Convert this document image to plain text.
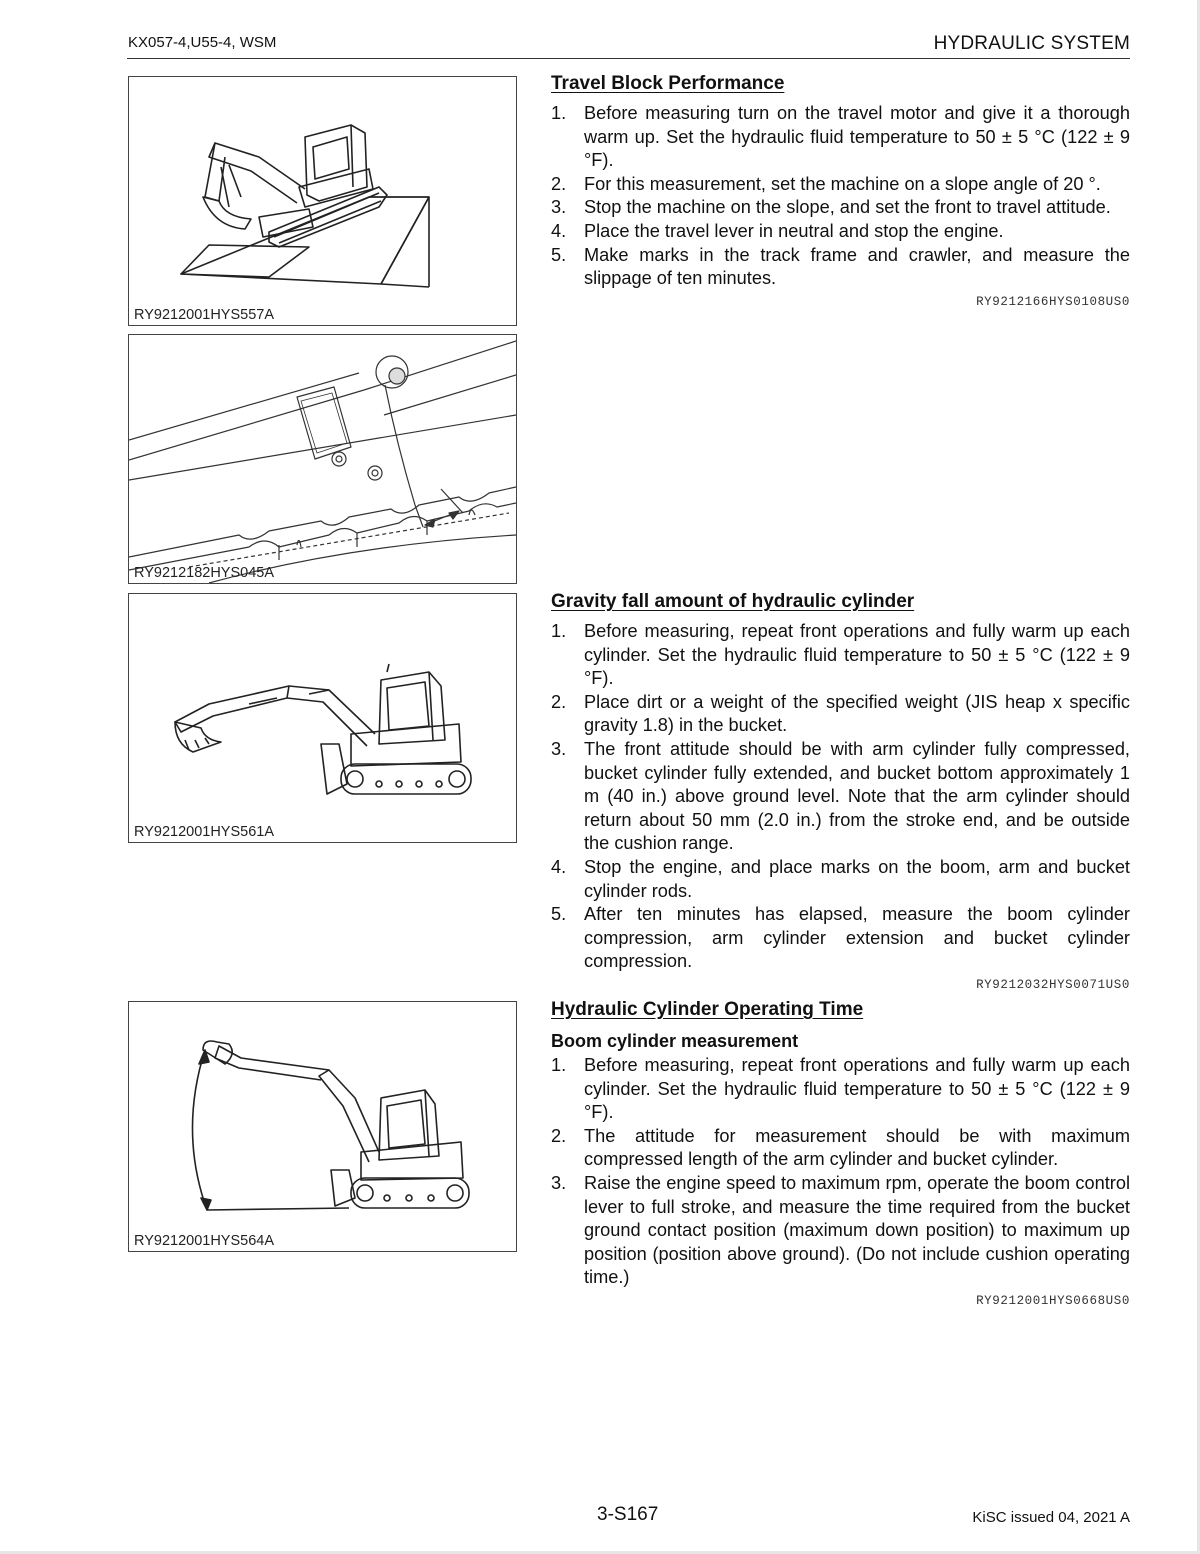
KX057-4,U55-4, WSM	HYDRAULIC SYSTEM
RY9212001HYS557A
RY9212182HYS045A
RY9212001HYS561A
RY9212001HYS564A
Travel Block Performance
1. Before measuring turn on the travel motor and give it a thorough warm up. Set the hydraulic fluid temperature to 50 ± 5 °C (122 ± 9 °F).
2. For this measurement, set the machine on a slope angle of 20 °.
3. Stop the machine on the slope, and set the front to travel attitude.
4. Place the travel lever in neutral and stop the engine.
5. Make marks in the track frame and crawler, and measure the slippage of ten minutes.
RY9212166HYS0108US0
Gravity fall amount of hydraulic cylinder
1. Before measuring, repeat front operations and fully warm up each cylinder. Set the hydraulic fluid temperature to 50 ± 5 °C (122 ± 9 °F).
2. Place dirt or a weight of the specified weight (JIS heap x specific gravity 1.8) in the bucket.
3. The front attitude should be with arm cylinder fully compressed, bucket cylinder fully extended, and bucket bottom approximately 1 m (40 in.) above ground level. Note that the arm cylinder should return about 50 mm (2.0 in.) from the stroke end, and be outside the cushion range.
4. Stop the engine, and place marks on the boom, arm and bucket cylinder rods.
5. After ten minutes has elapsed, measure the boom cylinder compression, arm cylinder extension and bucket cylinder compression.
RY9212032HYS0071US0
Hydraulic Cylinder Operating Time
Boom cylinder measurement
1. Before measuring, repeat front operations and fully warm up each cylinder. Set the hydraulic fluid temperature to 50 ± 5 °C (122 ± 9 °F).
2. The attitude for measurement should be with maximum compressed length of the arm cylinder and bucket cylinder.
3. Raise the engine speed to maximum rpm, operate the boom control lever to full stroke, and measure the time required from the bucket ground contact position (maximum down position) to maximum up position (position above ground). (Do not include cushion operating time.)
RY9212001HYS0668US0
3-S167	KiSC issued 04, 2021 A
